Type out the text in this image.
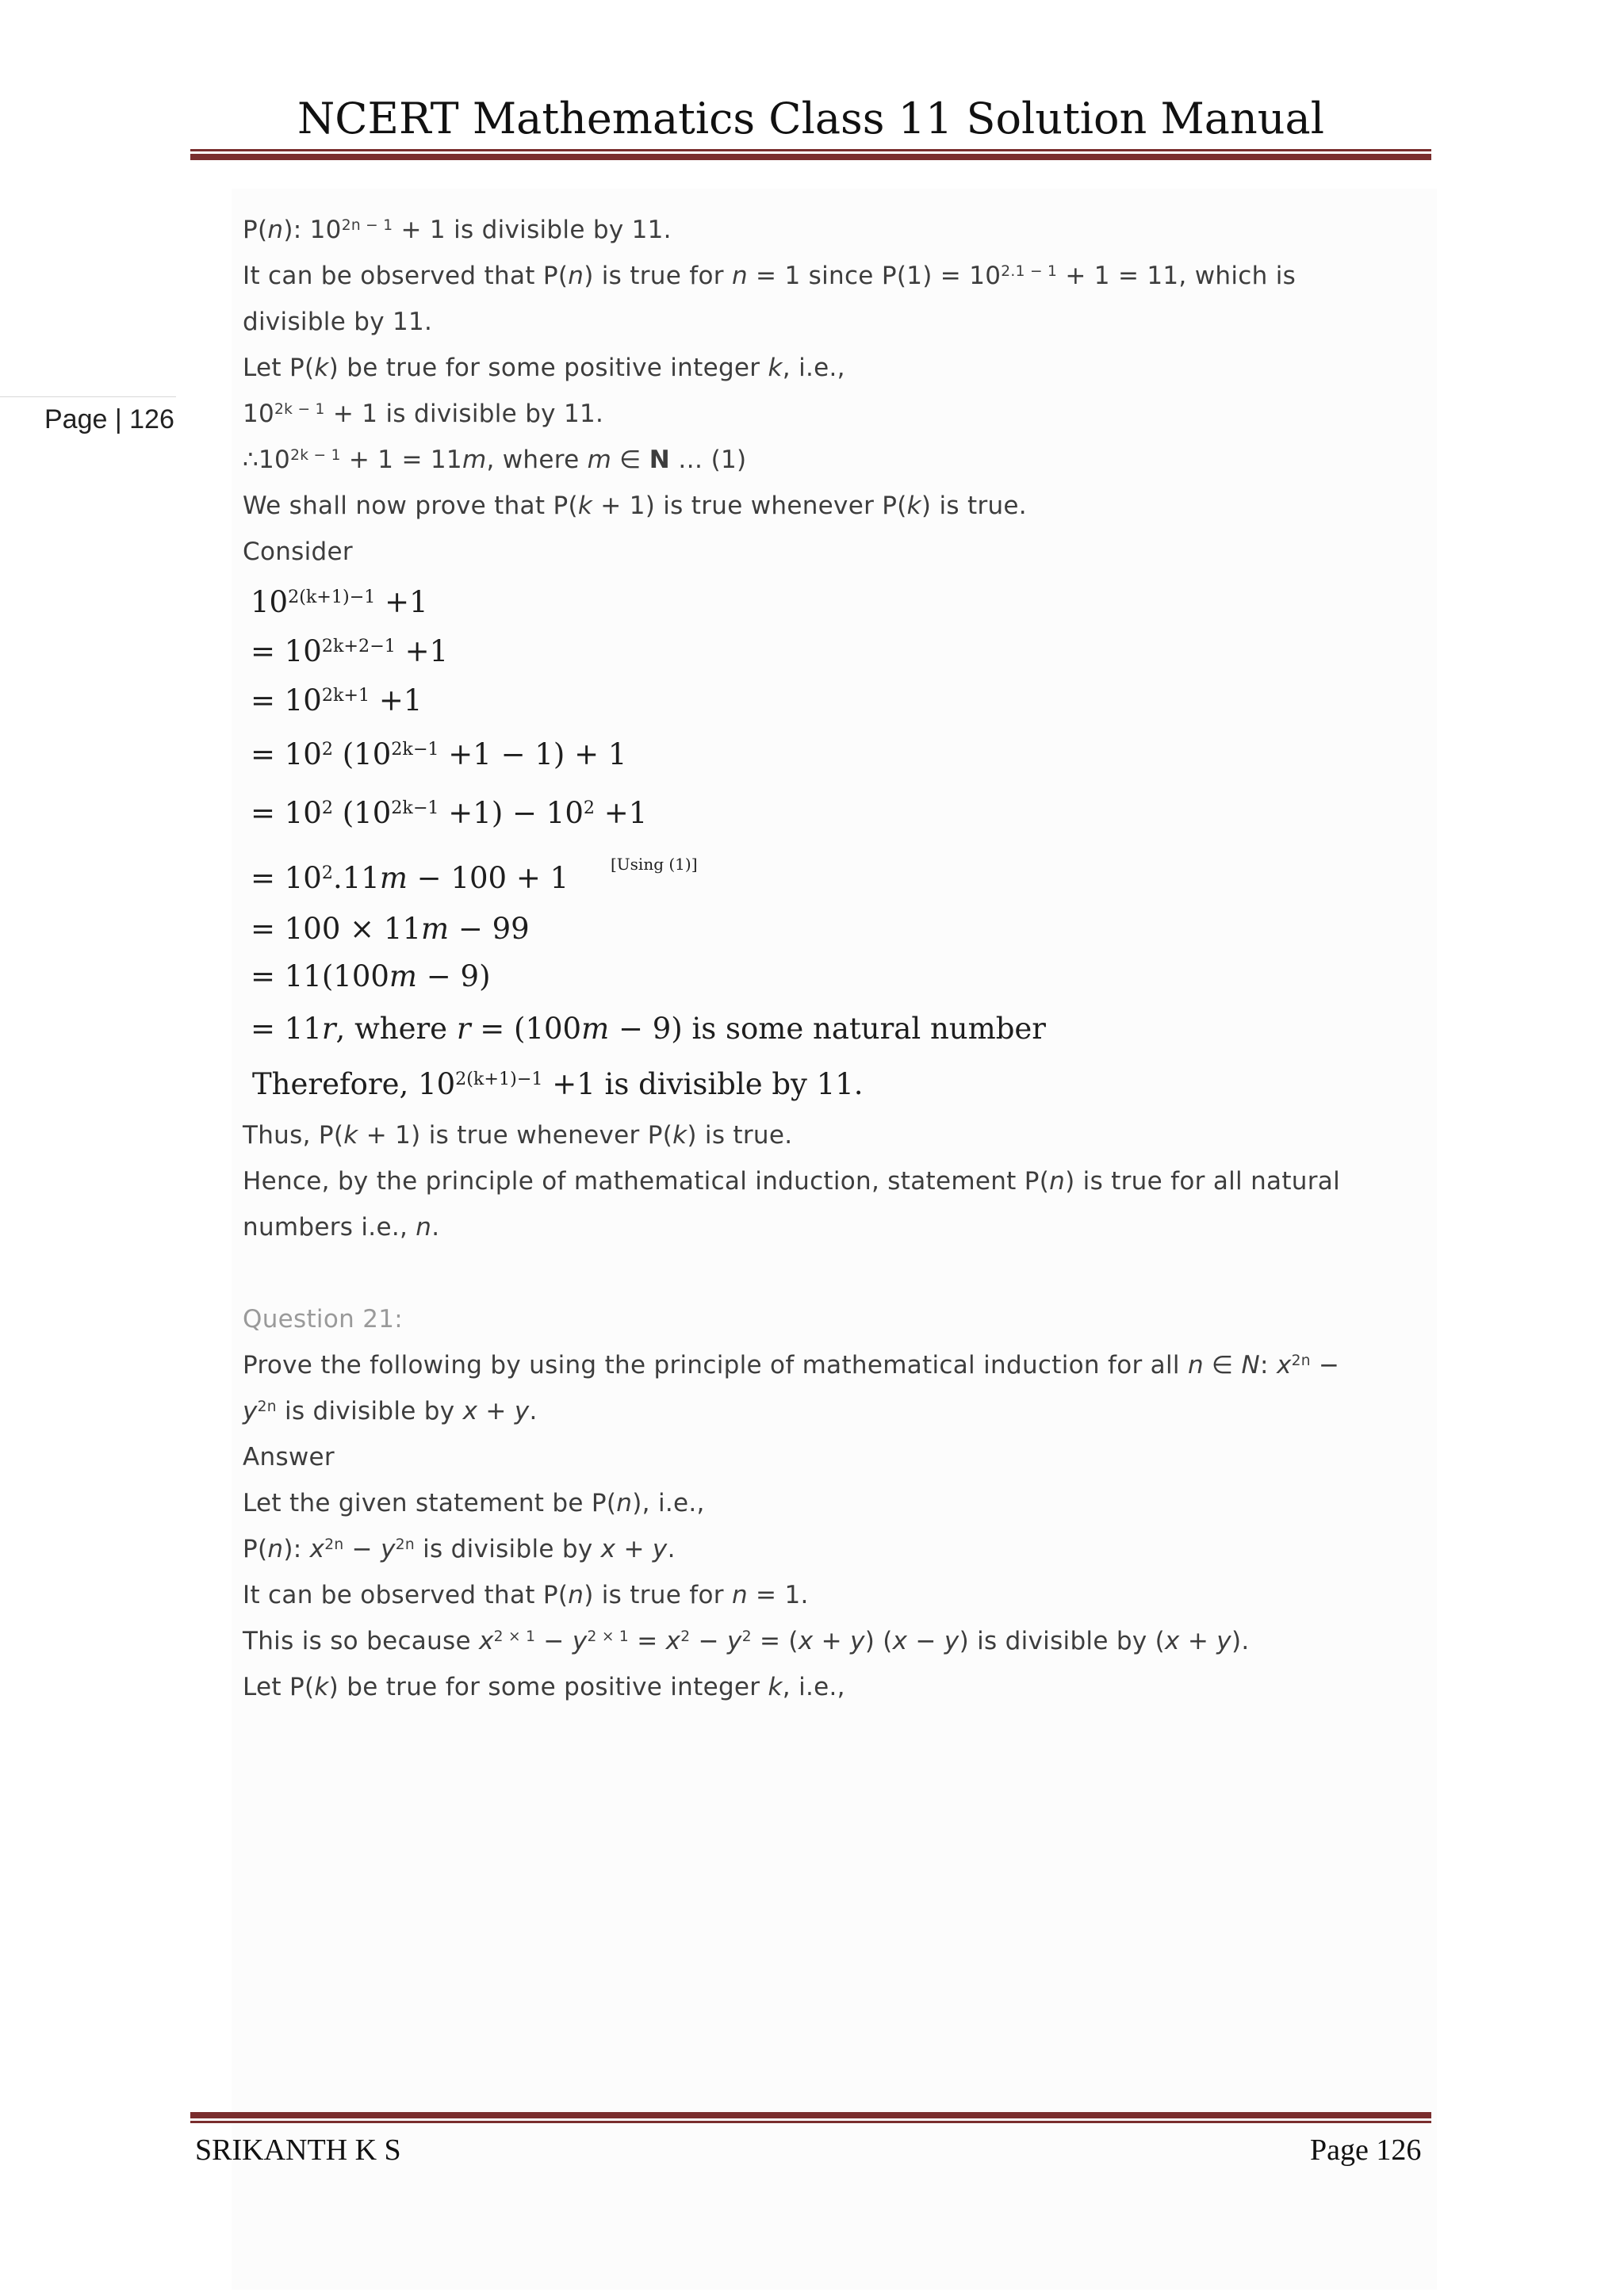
NCERT Mathematics Class 11 Solution Manual
Page | 126
P(n): $10^{2n - 1} + 1$ is divisible by 11.
It can be observed that P(n) is true for n = 1 since $P(1) = 10^{2.1 - 1} + 1 = 11$, which is
divisible by 11.
Let P(k) be true for some positive integer k, i.e.,
$10^{2k - 1} + 1$ is divisible by 11.
$\therefore 10^{2k - 1} + 1 = 11m$, where m ∈ N … (1)
We shall now prove that P(k + 1) is true whenever P(k) is true.
Consider
$10^{2(k+1)-1} +1$
= $10^{2k+2-1} +1$
= $10^{2k+1} +1$
= $10^2$ $(10^{2k-1} +1 - 1) + 1$
= $10^2$ $(10^{2k-1} +1) - 10^2 +1$
= $10^2.11m - 100 + 1$	[Using (1)]
= 100 × 11m − 99
= 11(100m − 9)
= 11r, where r = (100m − 9) is some natural number
Therefore, $10^{2(k+1)-1} +1$ is divisible by 11.
Thus, P(k + 1) is true whenever P(k) is true.
Hence, by the principle of mathematical induction, statement P(n) is true for all natural
numbers i.e., n.
Question 21:
Prove the following by using the principle of mathematical induction for all n ∈ N: $x^{2n}$ −
$y^{2n}$ is divisible by x + y.
Answer
Let the given statement be P(n), i.e.,
P(n): $x^{2n} - y^{2n}$ is divisible by x + y.
It can be observed that P(n) is true for n = 1.
This is so because $x^{2 \times 1} - y^{2 \times 1} = x^2 - y^2 = (x + y) (x - y)$ is divisible by (x + y).
Let P(k) be true for some positive integer k, i.e.,
SRIKANTH K S	Page 126
